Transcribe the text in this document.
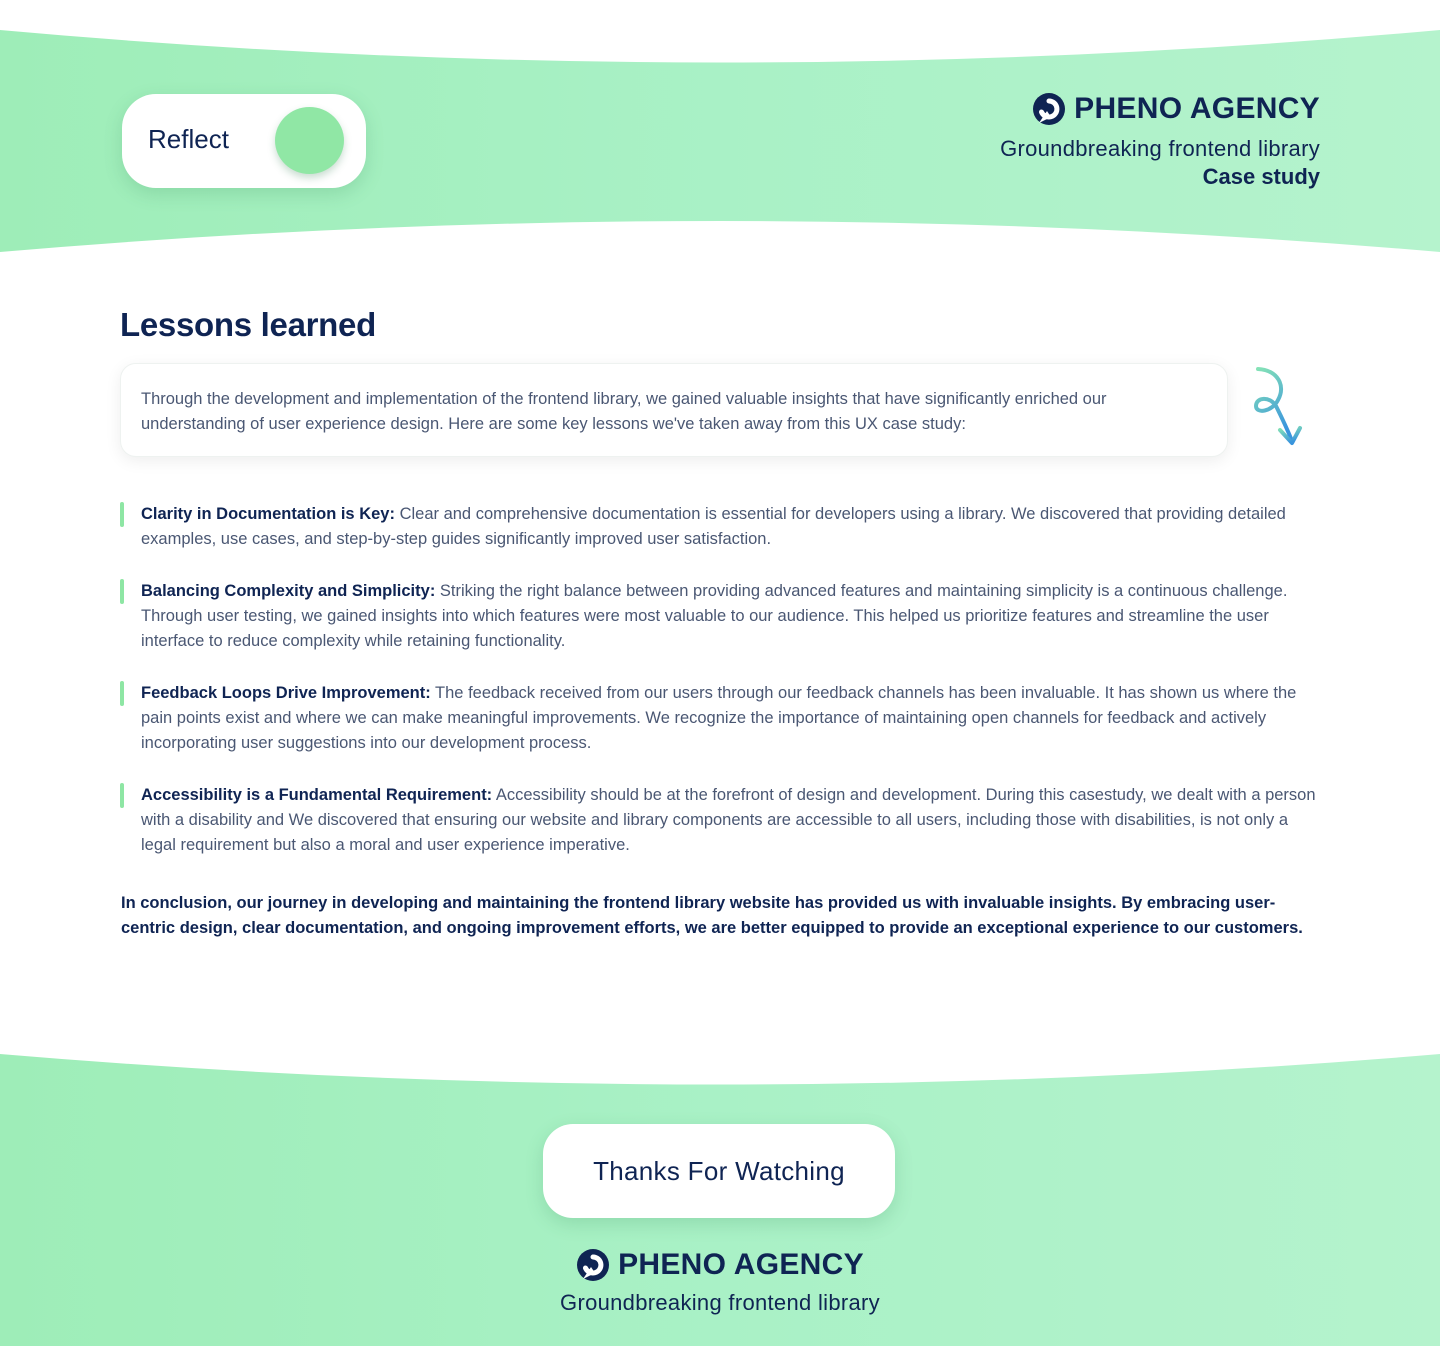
Reflect
PHENO AGENCY
Groundbreaking frontend library
Case study
Lessons learned
Through the development and implementation of the frontend library, we gained valuable insights that have significantly enriched our understanding of user experience design. Here are some key lessons we've taken away from this UX case study:
Clarity in Documentation is Key: Clear and comprehensive documentation is essential for developers using a library. We discovered that providing detailed examples, use cases, and step-by-step guides significantly improved user satisfaction.
Balancing Complexity and Simplicity: Striking the right balance between providing advanced features and maintaining simplicity is a continuous challenge. Through user testing, we gained insights into which features were most valuable to our audience. This helped us prioritize features and streamline the user interface to reduce complexity while retaining functionality.
Feedback Loops Drive Improvement: The feedback received from our users through our feedback channels has been invaluable. It has shown us where the pain points exist and where we can make meaningful improvements. We recognize the importance of maintaining open channels for feedback and actively incorporating user suggestions into our development process.
Accessibility is a Fundamental Requirement: Accessibility should be at the forefront of design and development. During this casestudy, we dealt with a person with a disability and We discovered that ensuring our website and library components are accessible to all users, including those with disabilities, is not only a legal requirement but also a moral and user experience imperative.

In conclusion, our journey in developing and maintaining the frontend library website has provided us with invaluable insights. By embracing user-centric design, clear documentation, and ongoing improvement efforts, we are better equipped to provide an exceptional experience to our customers.

Thanks For Watching
PHENO AGENCY
Groundbreaking frontend library
